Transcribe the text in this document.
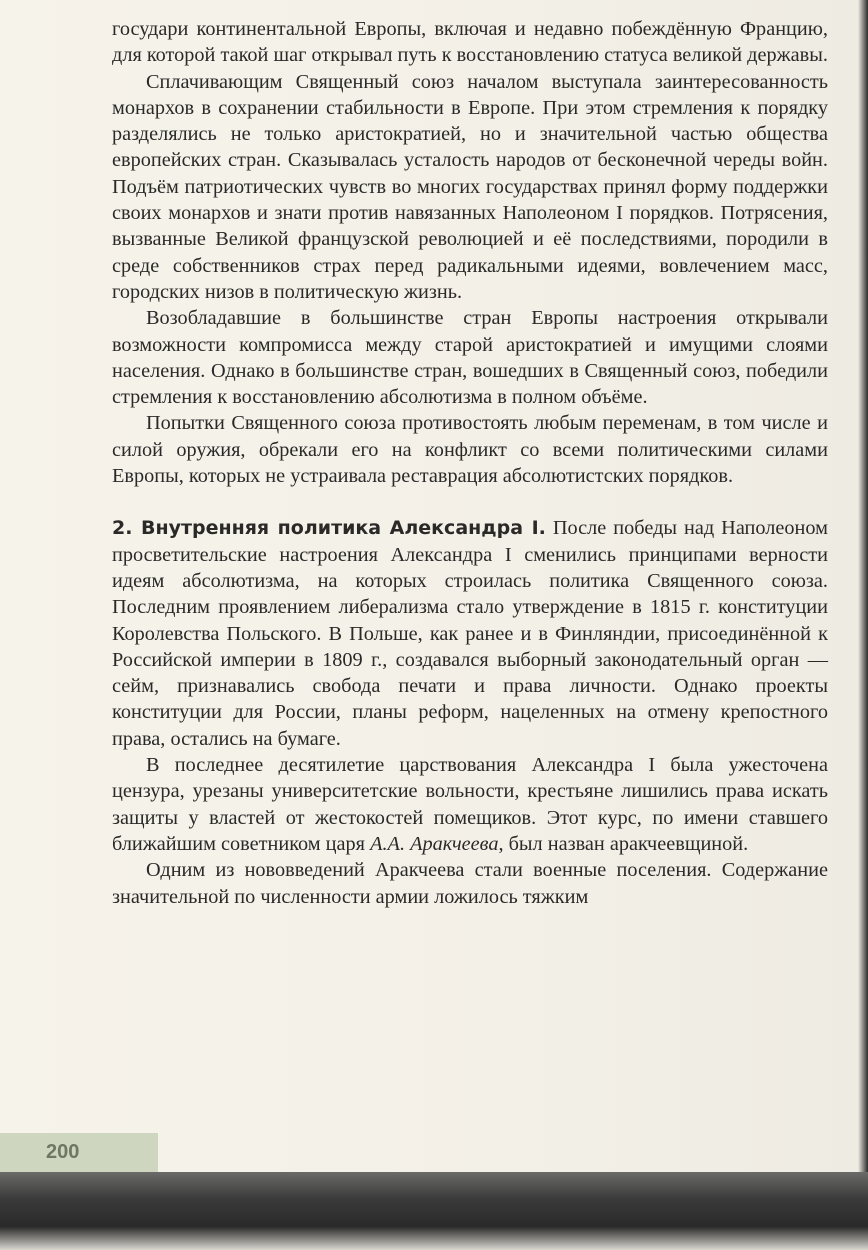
государи континентальной Европы, включая и недавно побеждённую Францию, для которой такой шаг открывал путь к восстановлению статуса великой державы.

Сплачивающим Священный союз началом выступала заинтересованность монархов в сохранении стабильности в Европе. При этом стремления к порядку разделялись не только аристократией, но и значительной частью общества европейских стран. Сказывалась усталость народов от бесконечной череды войн. Подъём патриотических чувств во многих государствах принял форму поддержки своих монархов и знати против навязанных Наполеоном I порядков. Потрясения, вызванные Великой французской революцией и её последствиями, породили в среде собственников страх перед радикальными идеями, вовлечением масс, городских низов в политическую жизнь.

Возобладавшие в большинстве стран Европы настроения открывали возможности компромисса между старой аристократией и имущими слоями населения. Однако в большинстве стран, вошедших в Священный союз, победили стремления к восстановлению абсолютизма в полном объёме.

Попытки Священного союза противостоять любым переменам, в том числе и силой оружия, обрекали его на конфликт со всеми политическими силами Европы, которых не устраивала реставрация абсолютистских порядков.

2. Внутренняя политика Александра I. После победы над Наполеоном просветительские настроения Александра I сменились принципами верности идеям абсолютизма, на которых строилась политика Священного союза. Последним проявлением либерализма стало утверждение в 1815 г. конституции Королевства Польского. В Польше, как ранее и в Финляндии, присоединённой к Российской империи в 1809 г., создавался выборный законодательный орган — сейм, признавались свобода печати и права личности. Однако проекты конституции для России, планы реформ, нацеленных на отмену крепостного права, остались на бумаге.

В последнее десятилетие царствования Александра I была ужесточена цензура, урезаны университетские вольности, крестьяне лишились права искать защиты у властей от жестокостей помещиков. Этот курс, по имени ставшего ближайшим советником царя А.А. Аракчеева, был назван аракчеевщиной.

Одним из нововведений Аракчеева стали военные поселения. Содержание значительной по численности армии ложилось тяжким

200
